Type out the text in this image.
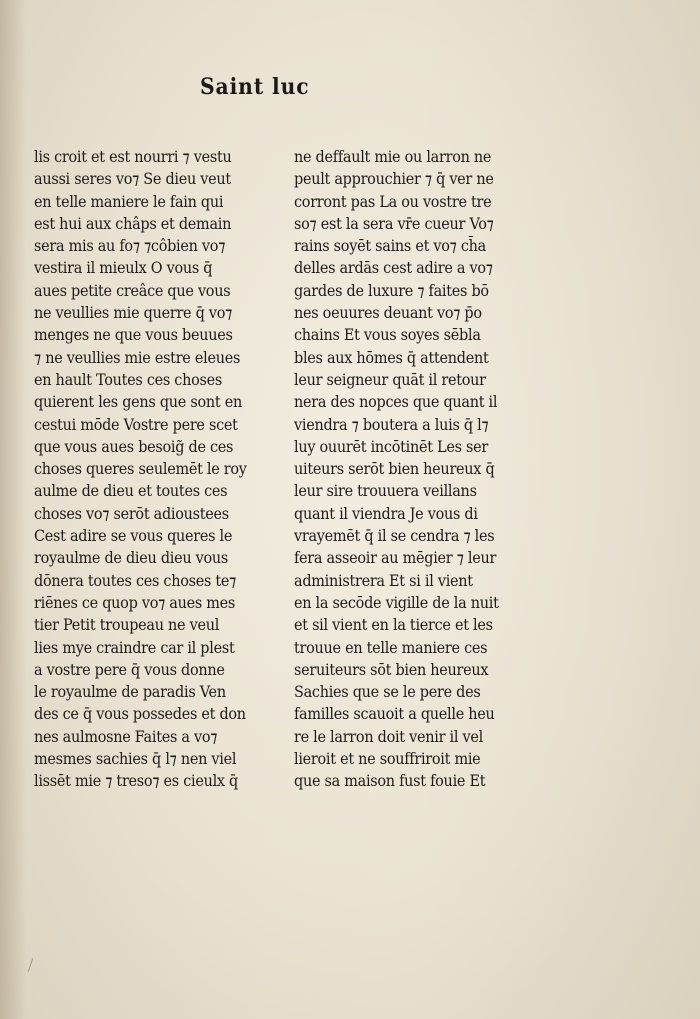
Saint luc
lis croit et est nourri ⁊ vestu
aussi seres vo⁊ Se dieu veut
en telle maniere le fain qui
est hui aux châps et demain
sera mis au fo⁊ ⁊côbien vo⁊
vestira il mieulx O vous q̄
aues petite creâce que vous
ne veullies mie querre q̄ vo⁊
menges ne que vous beuues
⁊ ne veullies mie estre eleues
en hault Toutes ces choses
quierent les gens que sont en
cestui mōde Vostre pere scet
que vous aues besoig̃ de ces
choses queres seulemēt le roy
aulme de dieu et toutes ces
choses vo⁊ serōt adioustees
Cest adire se vous queres le
royaulme de dieu dieu vous
dōnera toutes ces choses te⁊
riēnes ce quop vo⁊ aues mes
tier Petit troupeau ne veul
lies mye craindre car il plest
a vostre pere q̄ vous donne
le royaulme de paradis Ven
des ce q̄ vous possedes et don
nes aulmosne Faites a vo⁊
mesmes sachies q̄ l⁊ nen viel
lissēt mie ⁊ treso⁊ es cieulx q̄
ne deffault mie ou larron ne
peult approuchier ⁊ q̄ ver ne
corront pas La ou vostre tre
so⁊ est la sera vr̄e cueur Vo⁊
rains soyēt sains et vo⁊ ch̄a
delles ardās cest adire a vo⁊
gardes de luxure ⁊ faites bō
nes oeuures deuant vo⁊ p̄o
chains Et vous soyes sēbla
bles aux hōmes q̄ attendent
leur seigneur quāt il retour
nera des nopces que quant il
viendra ⁊ boutera a luis q̄ l⁊
luy ouurēt incōtinēt Les ser
uiteurs serōt bien heureux q̄
leur sire trouuera veillans
quant il viendra Je vous di
vrayemēt q̄ il se cendra ⁊ les
fera asseoir au mēgier ⁊ leur
administrera Et si il vient
en la secōde vigille de la nuit
et sil vient en la tierce et les
trouue en telle maniere ces
seruiteurs sōt bien heureux
Sachies que se le pere des
familles scauoit a quelle heu
re le larron doit venir il vel
lieroit et ne souffriroit mie
que sa maison fust fouie Et
